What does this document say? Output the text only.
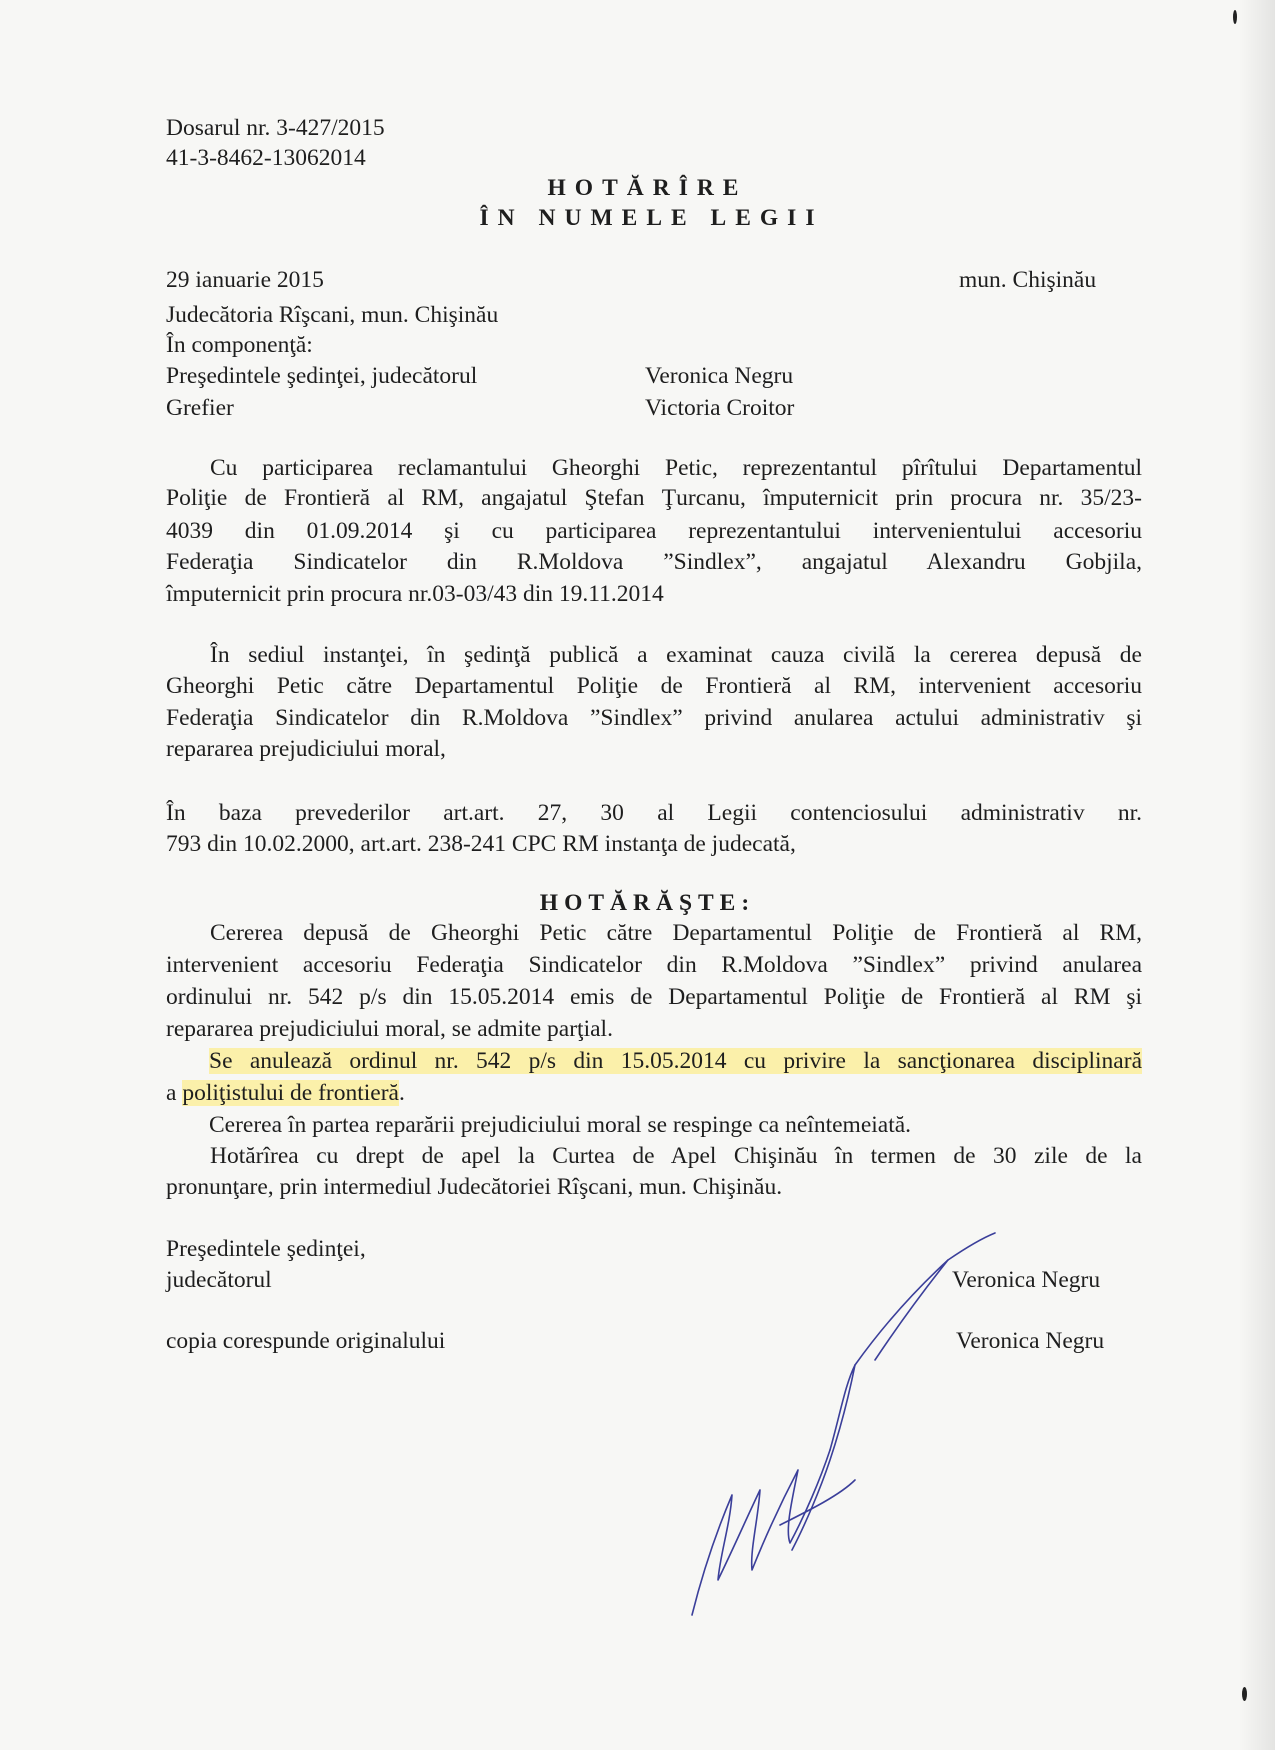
Dosarul nr. 3-427/2015
41-3-8462-13062014
HOTĂRÎRE
ÎN NUMELE LEGII
29 ianuarie 2015	mun. Chişinău
Judecătoria Rîşcani, mun. Chişinău
În componenţă:
Preşedintele şedinţei, judecătorul	Veronica Negru
Grefier	Victoria Croitor
Cu participarea reclamantului Gheorghi Petic, reprezentantul pîrîtului Departamentul
Poliţie de Frontieră al RM, angajatul Ştefan Ţurcanu, împuternicit prin procura nr. 35/23-
4039 din 01.09.2014 şi cu participarea reprezentantului intervenientului accesoriu
Federaţia Sindicatelor din R.Moldova ”Sindlex”, angajatul Alexandru Gobjila,
împuternicit prin procura nr.03-03/43 din 19.11.2014
În sediul instanţei, în şedinţă publică a examinat cauza civilă la cererea depusă de
Gheorghi Petic către Departamentul Poliţie de Frontieră al RM, intervenient accesoriu
Federaţia Sindicatelor din R.Moldova ”Sindlex” privind anularea actului administrativ şi
repararea prejudiciului moral,
În baza prevederilor art.art. 27, 30 al Legii contenciosului administrativ nr.
793 din 10.02.2000, art.art. 238-241 CPC RM instanţa de judecată,
HOTĂRĂŞTE:
Cererea depusă de Gheorghi Petic către Departamentul Poliţie de Frontieră al RM,
intervenient accesoriu Federaţia Sindicatelor din R.Moldova ”Sindlex” privind anularea
ordinului nr. 542 p/s din 15.05.2014 emis de Departamentul Poliţie de Frontieră al RM şi
repararea prejudiciului moral, se admite parţial.
Se anulează ordinul nr. 542 p/s din 15.05.2014 cu privire la sancţionarea disciplinară
a poliţistului de frontieră.
Cererea în partea reparării prejudiciului moral se respinge ca neîntemeiată.
Hotărîrea cu drept de apel la Curtea de Apel Chişinău în termen de 30 zile de la
pronunţare, prin intermediul Judecătoriei Rîşcani, mun. Chişinău.
Preşedintele şedinţei,
judecătorul	Veronica Negru
copia corespunde originalului	Veronica Negru
